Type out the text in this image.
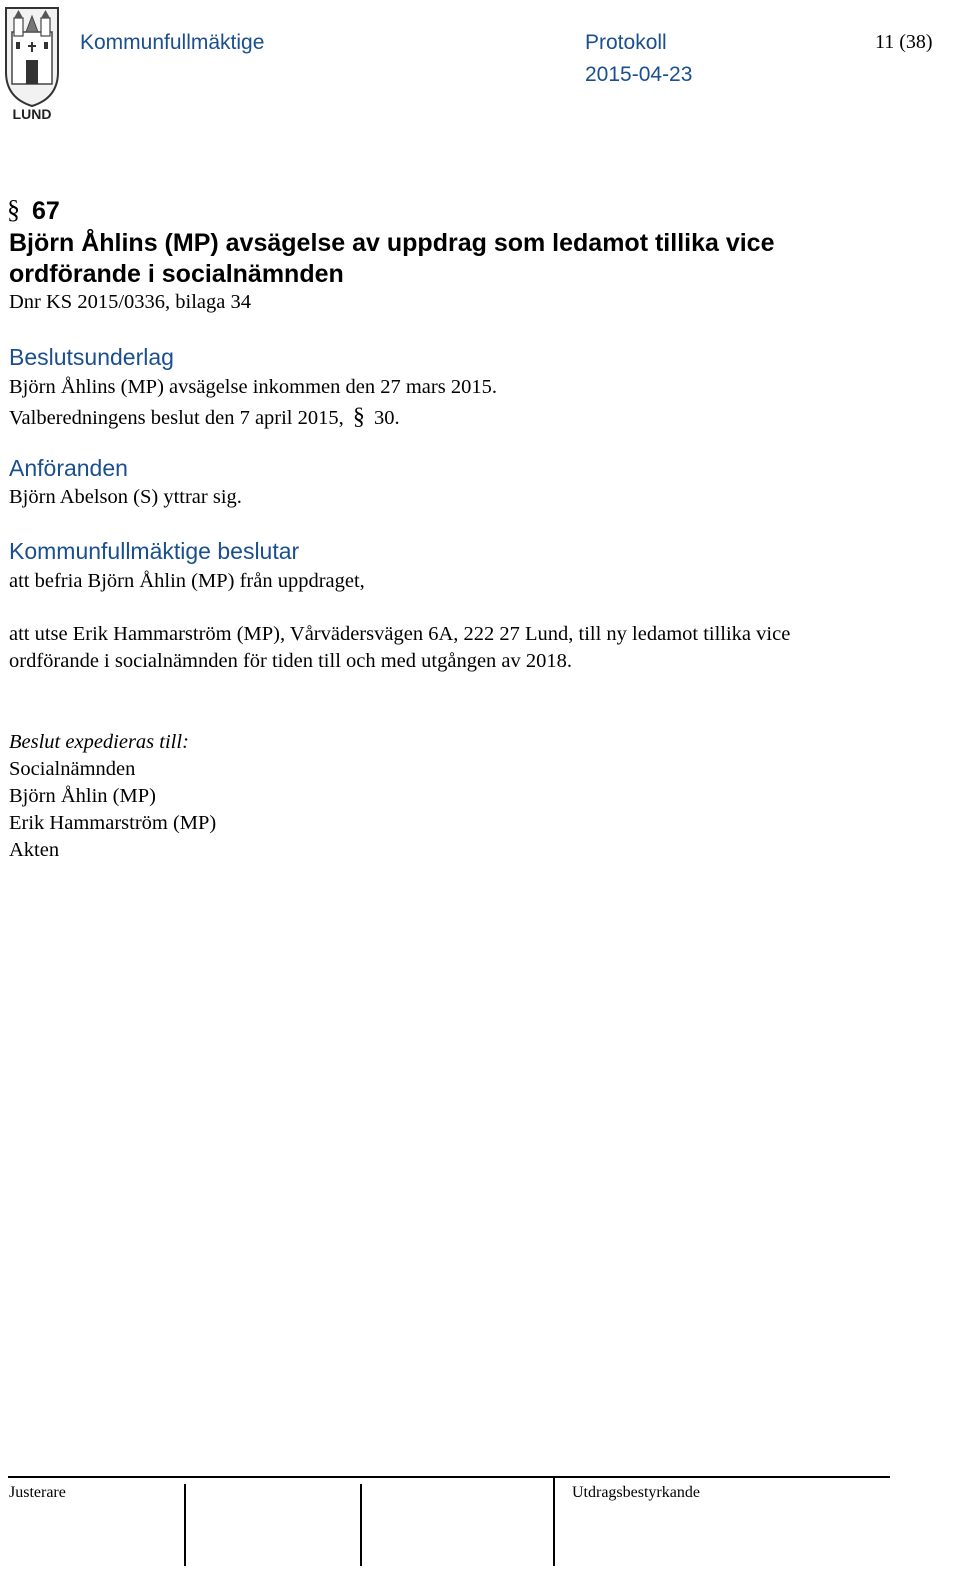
LUND
Kommunfullmäktige	Protokoll
2015-04-23
11 (38)
§ 67
Björn Åhlins (MP) avsägelse av uppdrag som ledamot tillika vice
ordförande i socialnämnden
Dnr KS 2015/0336, bilaga 34
Beslutsunderlag
Björn Åhlins (MP) avsägelse inkommen den 27 mars 2015.
Valberedningens beslut den 7 april 2015, § 30.
Anföranden
Björn Abelson (S) yttrar sig.
Kommunfullmäktige beslutar
att befria Björn Åhlin (MP) från uppdraget,
att utse Erik Hammarström (MP), Vårvädersvägen 6A, 222 27 Lund, till ny ledamot tillika vice
ordförande i socialnämnden för tiden till och med utgången av 2018.
Beslut expedieras till:
Socialnämnden
Björn Åhlin (MP)
Erik Hammarström (MP)
Akten
Justerare	Utdragsbestyrkande
